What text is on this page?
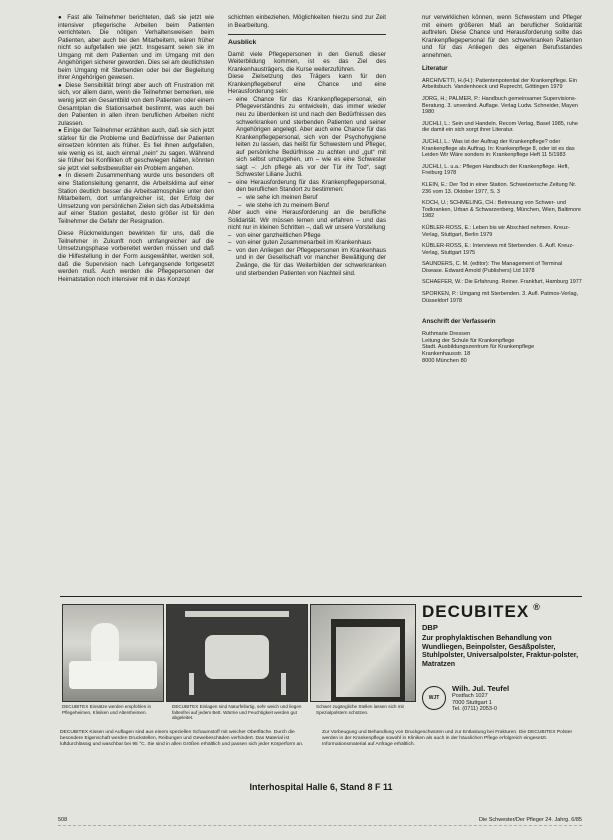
● Fast alle Teilnehmer berichteten, daß sie jetzt wie intensiver pflegerische Arbeiten beim Patienten verrichteten. Die nötigen Verhaltensweisen beim Patienten, aber auch bei den Mitarbeitern, wären früher nicht so aufgefallen wie jetzt. Insgesamt seien sie im Umgang mit dem Patienten und im Umgang mit den Angehörigen sicherer geworden. Dies sei am deutlichsten beim Umgang mit Sterbenden oder bei der Begleitung ihrer Angehörigen gewesen.

● Diese Sensibilität bringt aber auch oft Frustration mit sich, vor allem dann, wenn die Teilnehmer bemerken, wie wenig jetzt ein Gesamtbild von dem Patienten oder einem Gesamtplan die Stationsarbeit bestimmt, was auch bei den Patienten in allen ihren beruflichen Arbeiten nicht zulassen.

● Einige der Teilnehmer erzählten auch, daß sie sich jetzt stärker für die Probleme und Bedürfnisse der Patienten einsetzen könnten als früher. Es fiel ihnen aufgefallen, wie wenig es ist, auch einmal „nein“ zu sagen. Während sie früher bei Konflikten oft geschwiegen hätten, könnten sie jetzt viel selbstbewußter ein Problem angehen.

● In diesem Zusammenhang wurde uns besonders oft eine Stationsleitung genannt, die Arbeitsklima auf einer Station deutlich besser die Arbeitsatmosphäre unter den Mitarbeitern, dort umfangreicher ist, der Erfolg der Umsetzung von persönlichen Zielen sich das Arbeitsklima auf einer Station gestaltet, desto größer ist für den Teilnehmer die Gefahr der Resignation.

Diese Rückmeldungen bewirkten für uns, daß die Teilnehmer in Zukunft noch umfangreicher auf die Umsetzungsphase vorbereitet werden müssen und daß die Hilfestellung in der Form ausgewählter, werden soll, daß die Supervision nach Lehrgangsende fortgesetzt werden muß. Auch werden die Pflegepersonen der Heimatstation noch intensiver mit in das Konzept

schichten einbeziehen. Möglichkeiten hierzu sind zur Zeit in Bearbeitung.

Ausblick

Damit viele Pflegepersonen in den Genuß dieser Weiterbildung kommen, ist es das Ziel des Krankenhausträgers, die Kurse weiterzuführen.

Diese Zielsetzung des Trägers kann für den Krankenpflegeberuf eine Chance und eine Herausforderung sein:

– eine Chance für das Krankenpflegepersonal, ein Pflegeverständnis zu entwickeln, das immer wieder neu zu überdenken ist und nach den Bedürfnissen des schwerkranken und sterbenden Patienten und seiner Angehörigen angelegt. Aber auch eine Chance für das Krankenpflegepersonal, sich von der Psychohygiene leiten zu lassen, das heißt für Schwestern und Pfleger, auf persönliche Bedürfnisse zu achten und „gut“ mit sich selbst umzugehen, um – wie es eine Schwester sagt –: „Ich pflege als vor der Tür ihr Tod“, sagt Schwester Liliane Juchli.
– eine Herausforderung für das Krankenpflegepersonal, den beruflichen Standort zu bestimmen:
– wie sehe ich meinen Beruf
– wie stehe ich zu meinem Beruf

Aber auch eine Herausforderung an die berufliche Solidarität. Wir müssen lernen und erfahren – und das nicht nur in kleinen Schritten –, daß wir unsere Vorstellung

– von einer ganzheitlichen Pflege
– von einer guten Zusammenarbeit im Krankenhaus
– von den Anliegen der Pflegepersonen im Krankenhaus und in der Gesellschaft vor mancher Bewältigung der Zwänge, die für das Weiterbilden der schwerkranken und sterbenden Patienten von Nachteil sind.

nur verwirklichen können, wenn Schwestern und Pfleger mit einem größeren Maß an beruflicher Solidarität auftreten. Diese Chance und Herausforderung sollte das Krankenpflegepersonal für den schwerkranken Patienten und für das Anliegen des eigenen Berufsstandes annehmen.

Literatur

ARCHIVETTI, H.(H.): Patientenpotential der Krankenpflege. Ein Arbeitsbuch. Vandenhoeck und Ruprecht, Göttingen 1979

JORG, H.; PALMER, P.: Handbuch gemeinsamer Supervisions-Beratung. 3. unveränd. Auflage. Verlag Ludw. Schneider, Mayen 1980

JUCHLI, L.: Sein und Handeln. Recom Verlag, Basel 1985, ruhe die damit ein sich sorgt ihrer Literatur.

JUCHLI, L.: Was ist der Auftrag der Krankenpflege? oder Krankenpflege als Auftrag. In: Krankenpflege 8, oder ist es das Leiden Wir Wäre sonders in: Krankenpflege Heft 11 5/1983

JUCHLI, L. u.a.: Pflegen Handbuch der Krankenpflege. Heft, Freiburg 1978

KLEIN, E.: Der Tod in einer Station. Schweizerische Zeitung Nr. 236 vom 13. Oktober 1977, S. 3

KOCH, U.; SCHMELING, CH.: Betreuung von Schwer- und Todkranken, Urban & Schwarzenberg, München, Wien, Baltimore 1982

KÜBLER-ROSS, E.: Leben bis wir Abschied nehmen. Kreuz-Verlag, Stuttgart, Berlin 1979

KÜBLER-ROSS, E.: Interviews mit Sterbenden. 6. Aufl. Kreuz-Verlag, Stuttgart 1975

SAUNDERS, C. M. (editor): The Management of Terminal Disease. Edward Arnold (Publishers) Ltd 1978

SCHAEFER, W.: Die Erfahrung. Reiner. Frankfurt, Hamburg 1977

SPORKEN, P.: Umgang mit Sterbenden. 3. Aufl. Patmos-Verlag, Düsseldorf 1978

Anschrift der Verfasserin

Ruthmarie Dressen

Leitung der Schule für Krankenpflege

Stadt. Ausbildungszentrum für Krankenpflege

Krankenhausstr. 18

8000 München 80

DECUBITEX Einsätze werden empfohlen in Pflegeheimen, Kliniken und Altersheimen.
DECUBITEX Einlagen sind Naturfellartig, sehr weich und liegen faltenfrei auf jedem Bett. Wärme und Feuchtigkeit werden gut abgeleitet.
Schwer zugängliche Stellen lassen sich mit Spezialpolstern schützen.
DECUBITEX ®
DBP
Zur prophylaktischen Behandlung von Wundliegen, Beinpolster, Gesäßpolster, Stuhlpolster, Universalpolster, Fraktur-polster, Matratzen
WJT
Wilh. Jul. Teufel
Postfach 1027
7000 Stuttgart 1
Tel. (0711) 2053-0
DECUBITEX Kissen und Auflagen sind aus einem speziellen Schaumstoff mit weicher Oberfläche. Durch die besondere Eigenschaft werden Druckstellen, Reibungen und Gewebeschäden verhindert. Das Material ist luftdurchlässig und waschbar bei 95 °C. Sie sind in allen Größen erhältlich und passen sich jeder Körperform an.
Zur Vorbeugung und Behandlung von Druckgeschwüren und zur Entlastung bei Frakturen. Die DECUBITEX Polster werden in der Krankenpflege sowohl in Kliniken als auch in der häuslichen Pflege erfolgreich eingesetzt. Informationsmaterial auf Anfrage erhältlich.
Interhospital Halle 6, Stand 8 F 11
508	Die Schwester/Der Pfleger 24. Jahrg. 6/85
